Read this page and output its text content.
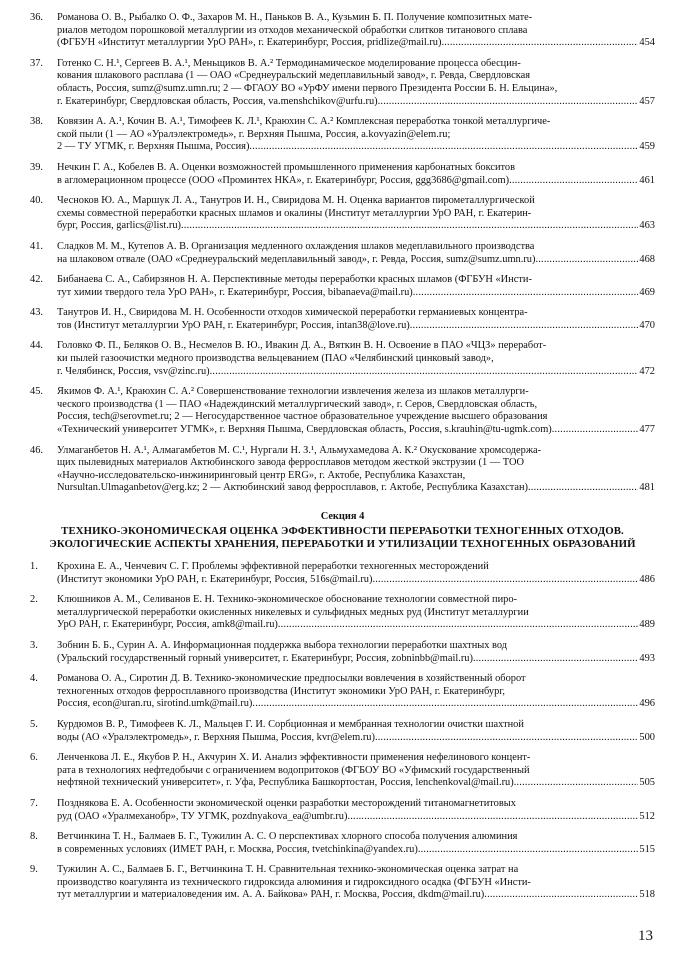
36. Романова О. В., Рыбалко О. Ф., Захаров М. Н., Паньков В. А., Кузьмин Б. П. Получение композитных мате-
риалов методом порошковой металлургии из отходов механической обработки слитков титанового сплава
(ФГБУН «Институт металлургии УрО РАН», г. Екатеринбург, Россия, pridlize@mail.ru) . . .	454
37. Готенко С. Н.¹, Сергеев В. А.¹, Меньщиков В. А.² Термодинамическое моделирование процесса обесцин-
кования шлакового расплава (1 — ОАО «Среднеуральский медеплавильный завод», г. Ревда, Свердловская
область, Россия, sumz@sumz.umn.ru; 2 — ФГАОУ ВО «УрФУ имени первого Президента России Б. Н. Ельцина»,
г. Екатеринбург, Свердловская область, Россия, va.menshchikov@urfu.ru) . . .	457
38. Ковязин А. А.¹, Кочин В. А.¹, Тимофеев К. Л.¹, Краюхин С. А.² Комплексная переработка тонкой металлургиче-
ской пыли (1 — АО «Уралэлектромедь», г. Верхняя Пышма, Россия, a.kovyazin@elem.ru;
2 — ТУ УГМК, г. Верхняя Пышма, Россия) . . .	459
39. Нечкин Г. А., Кобелев В. А. Оценки возможностей промышленного применения карбонатных бокситов
в агломерационном процессе (ООО «Проминтех НКА», г. Екатеринбург, Россия, ggg3686@gmail.com) . . .	461
40. Чесноков Ю. А., Маршук Л. А., Танутров И. Н., Свиридова М. Н. Оценка вариантов пирометаллургической
схемы совместной переработки красных шламов и окалины (Институт металлургии УрО РАН, г. Екатерин-
бург, Россия, garlics@list.ru) . . .	463
41. Сладков М. М., Кутепов А. В. Организация медленного охлаждения шлаков медеплавильного производства
на шлаковом отвале (ОАО «Среднеуральский медеплавильный завод», г. Ревда, Россия, sumz@sumz.umn.ru) . . .	468
42. Бибанаева С. А., Сабирзянов Н. А. Перспективные методы переработки красных шламов (ФГБУН «Инсти-
тут химии твердого тела УрО РАН», г. Екатеринбург, Россия, bibanaeva@mail.ru) . . .	469
43. Танутров И. Н., Свиридова М. Н. Особенности отходов химической переработки германиевых концентра-
тов (Институт металлургии УрО РАН, г. Екатеринбург, Россия, intan38@love.ru) . . .	470
44. Головко Ф. П., Беляков О. В., Несмелов В. Ю., Ивакин Д. А., Вяткин В. Н. Освоение в ПАО «ЧЦЗ» переработ-
ки пылей газоочистки медного производства вельцеванием (ПАО «Челябинский цинковый завод»,
г. Челябинск, Россия, vsv@zinc.ru) . . .	472
45. Якимов Ф. А.¹, Краюхин С. А.² Совершенствование технологии извлечения железа из шлаков металлурги-
ческого производства (1 — ПАО «Надеждинский металлургический завод», г. Серов, Свердловская область,
Россия, tech@serovmet.ru; 2 — Негосударственное частное образовательное учреждение высшего образования
«Технический университет УГМК», г. Верхняя Пышма, Свердловская область, Россия, s.krauhin@tu-ugmk.com) . . .	477
46. Улмаганбетов Н. А.¹, Алмагамбетов М. С.¹, Нургали Н. З.¹, Альмухамедова А. К.² Окускование хромсодержа-
щих пылевидных материалов Актюбинского завода ферросплавов методом жесткой экструзии (1 — ТОО
«Научно-исследовательско-инжиниринговый центр ERG», г. Актобе, Республика Казахстан,
Nursultan.Ulmaganbetov@erg.kz; 2 — Актюбинский завод ферросплавов, г. Актобе, Республика Казахстан) . . .	481
Секция 4
ТЕХНИКО-ЭКОНОМИЧЕСКАЯ ОЦЕНКА ЭФФЕКТИВНОСТИ ПЕРЕРАБОТКИ ТЕХНОГЕННЫХ ОТХОДОВ.
ЭКОЛОГИЧЕСКИЕ АСПЕКТЫ ХРАНЕНИЯ, ПЕРЕРАБОТКИ И УТИЛИЗАЦИИ ТЕХНОГЕННЫХ ОБРАЗОВАНИЙ
1. Крохина Е. А., Ченчевич С. Г. Проблемы эффективной переработки техногенных месторождений
(Институт экономики УрО РАН, г. Екатеринбург, Россия, 516s@mail.ru) . . .	486
2. Клюшников А. М., Селиванов Е. Н. Технико-экономическое обоснование технологии совместной пиро-
металлургической переработки окисленных никелевых и сульфидных медных руд (Институт металлургии
УрО РАН, г. Екатеринбург, Россия, amk8@mail.ru) . . .	489
3. Зобнин Б. Б., Сурин А. А. Информационная поддержка выбора технологии переработки шахтных вод
(Уральский государственный горный университет, г. Екатеринбург, Россия, zobninbb@mail.ru) . . .	493
4. Романова О. А., Сиротин Д. В. Технико-экономические предпосылки вовлечения в хозяйственный оборот
техногенных отходов ферросплавного производства (Институт экономики УрО РАН, г. Екатеринбург,
Россия, econ@uran.ru, sirotind.umk@mail.ru) . . .	496
5. Курдюмов В. Р., Тимофеев К. Л., Мальцев Г. И. Сорбционная и мембранная технологии очистки шахтной
воды (АО «Уралэлектромедь», г. Верхняя Пышма, Россия, kvr@elem.ru) . . .	500
6. Ленченкова Л. Е., Якубов Р. Н., Акчурин Х. И. Анализ эффективности применения нефелинового концент-
рата в технологиях нефтедобычи с ограничением водопритоков (ФГБОУ ВО «Уфимский государственный
нефтяной технический университет», г. Уфа, Республика Башкортостан, Россия, lenchenkoval@mail.ru) . . .	505
7. Позднякова Е. А. Особенности экономической оценки разработки месторождений титаномагнетитовых
руд (ОАО «Уралмеханобр», ТУ УГМК, pozdnyakova_ea@umbr.ru) . . .	512
8. Ветчинкина Т. Н., Балмаев Б. Г., Тужилин А. С. О перспективах хлорного способа получения алюминия
в современных условиях (ИМЕТ РАН, г. Москва, Россия, tvetchinkina@yandex.ru) . . .	515
9. Тужилин А. С., Балмаев Б. Г., Ветчинкина Т. Н. Сравнительная технико-экономическая оценка затрат на
производство коагулянта из технического гидроксида алюминия и гидроксидного осадка (ФГБУН «Инсти-
тут металлургии и материаловедения им. А. А. Байкова» РАН, г. Москва, Россия, dkdm@mail.ru) . . .	518
13
